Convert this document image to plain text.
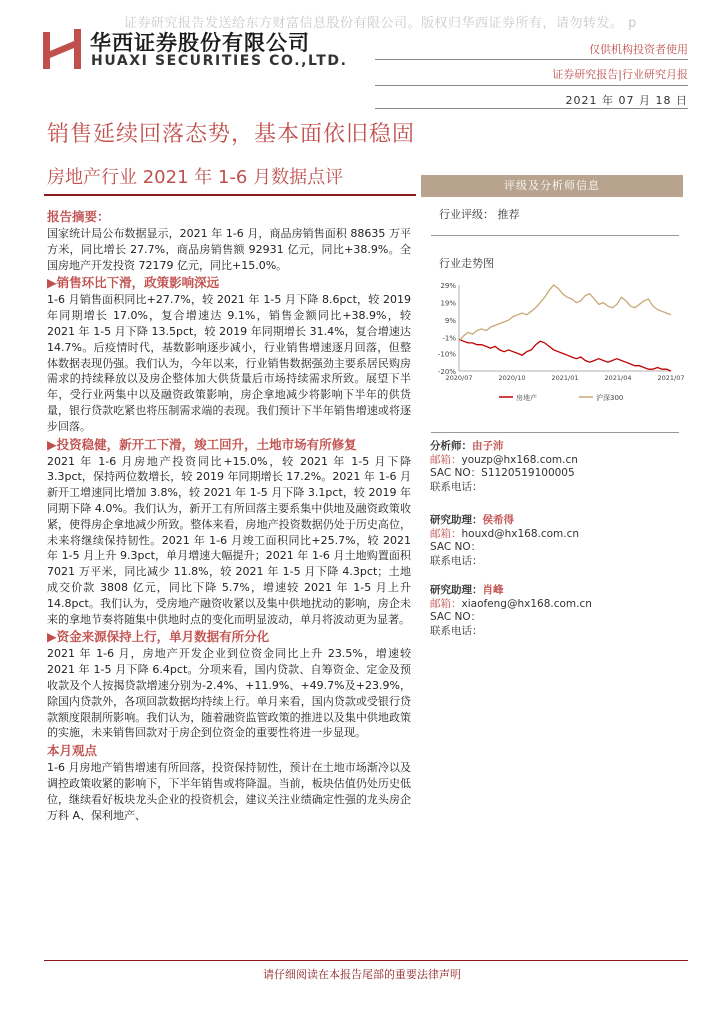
证券研究报告发送给东方财富信息股份有限公司。版权归华西证券所有，请勿转发。 p
华西证券股份有限公司
HUAXI SECURITIES CO.,LTD.
仅供机构投资者使用
证券研究报告|行业研究月报
2021 年 07 月 18 日
销售延续回落态势，基本面依旧稳固
房地产行业 2021 年 1-6 月数据点评
报告摘要：

国家统计局公布数据显示，2021 年 1-6 月，商品房销售面积 88635 万平方米，同比增长 27.7%，商品房销售额 92931 亿元，同比+38.9%。全国房地产开发投资 72179 亿元，同比+15.0%。

▶销售环比下滑，政策影响深远

1-6 月销售面积同比+27.7%，较 2021 年 1-5 月下降 8.6pct，较 2019 年同期增长 17.0%，复合增速达 9.1%，销售金额同比+38.9%，较 2021 年 1-5 月下降 13.5pct，较 2019 年同期增长 31.4%，复合增速达 14.7%。后疫情时代，基数影响逐步减小，行业销售增速逐月回落，但整体数据表现仍强。我们认为，今年以来，行业销售数据强劲主要系居民购房需求的持续释放以及房企整体加大供货量后市场持续需求所致。展望下半年，受行业两集中以及融资政策影响，房企拿地减少将影响下半年的供货量，银行贷款吃紧也将压制需求端的表现。我们预计下半年销售增速或将逐步回落。

▶投资稳健，新开工下滑，竣工回升，土地市场有所修复

2021 年 1-6 月房地产投资同比+15.0%，较 2021 年 1-5 月下降 3.3pct，保持两位数增长，较 2019 年同期增长 17.2%。2021 年 1-6 月新开工增速同比增加 3.8%，较 2021 年 1-5 月下降 3.1pct，较 2019 年同期下降 4.0%。我们认为，新开工有所回落主要系集中供地及融资政策收紧，使得房企拿地减少所致。整体来看，房地产投资数据仍处于历史高位，未来将继续保持韧性。2021 年 1-6 月竣工面积同比+25.7%，较 2021 年 1-5 月上升 9.3pct，单月增速大幅提升；2021 年 1-6 月土地购置面积 7021 万平米，同比减少 11.8%，较 2021 年 1-5 月下降 4.3pct；土地成交价款 3808 亿元，同比下降 5.7%，增速较 2021 年 1-5 月上升 14.8pct。我们认为，受房地产融资收紧以及集中供地扰动的影响，房企未来的拿地节奏将随集中供地时点的变化而明显波动，单月将波动更为显著。

▶资金来源保持上行，单月数据有所分化

2021 年 1-6 月，房地产开发企业到位资金同比上升 23.5%，增速较 2021 年 1-5 月下降 6.4pct。分项来看，国内贷款、自筹资金、定金及预收款及个人按揭贷款增速分别为-2.4%、+11.9%、+49.7%及+23.9%，除国内贷款外，各项回款数据均持续上行。单月来看，国内贷款或受银行贷款额度限制所影响。我们认为，随着融资监管政策的推进以及集中供地政策的实施，未来销售回款对于房企到位资金的重要性将进一步显现。

本月观点

1-6 月房地产销售增速有所回落，投资保持韧性，预计在土地市场渐冷以及调控政策收紧的影响下，下半年销售或将降温。当前，板块估值仍处历史低位，继续看好板块龙头企业的投资机会，建议关注业绩确定性强的龙头房企万科 A、保利地产、

评级及分析师信息
行业评级： 推荐
行业走势图
29%
19%
9%
-1%
-10%
-20%
2020/07	2020/10	2021/01	2021/04	2021/07
房地产	沪深300
分析师：由子沛
邮箱：youzp@hx168.com.cn
SAC NO：S1120519100005
联系电话：
研究助理：侯希得
邮箱：houxd@hx168.com.cn
SAC NO：
联系电话：
研究助理：肖峰
邮箱：xiaofeng@hx168.com.cn
SAC NO：
联系电话：
请仔细阅读在本报告尾部的重要法律声明
